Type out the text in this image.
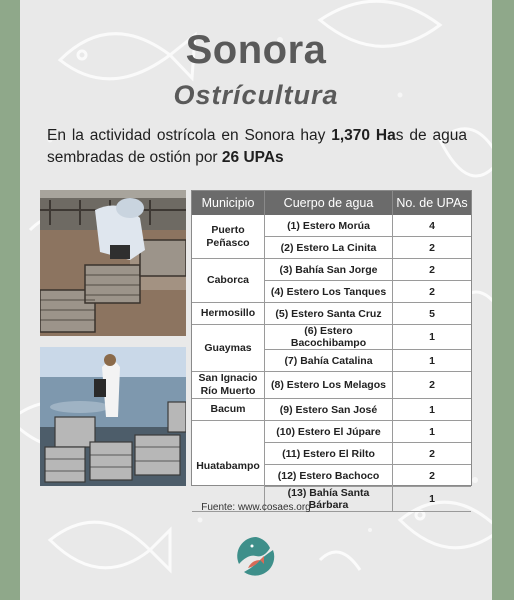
Sonora
Ostrícultura

En la actividad ostrícola en Sonora hay 1,370 Has de agua sembradas de ostión por 26 UPAs

Municipio	Cuerpo de agua	No. de UPAs
Puerto Peñasco	(1) Estero Morúa	4
	(2) Estero La Cinita	2
Caborca	(3) Bahía San Jorge	2
	(4) Estero Los Tanques	2
Hermosillo	(5) Estero Santa Cruz	5
Guaymas	(6) Estero Bacochibampo	1
	(7) Bahía Catalina	1
San Ignacio Río Muerto	(8) Estero Los Melagos	2
Bacum	(9) Estero San José	1
Huatabampo	(10) Estero El Júpare	1
	(11) Estero El Rilto	2
	(12) Estero Bachoco	2
	(13) Bahía Santa Bárbara	1
Fuente: www.cosaes.org
